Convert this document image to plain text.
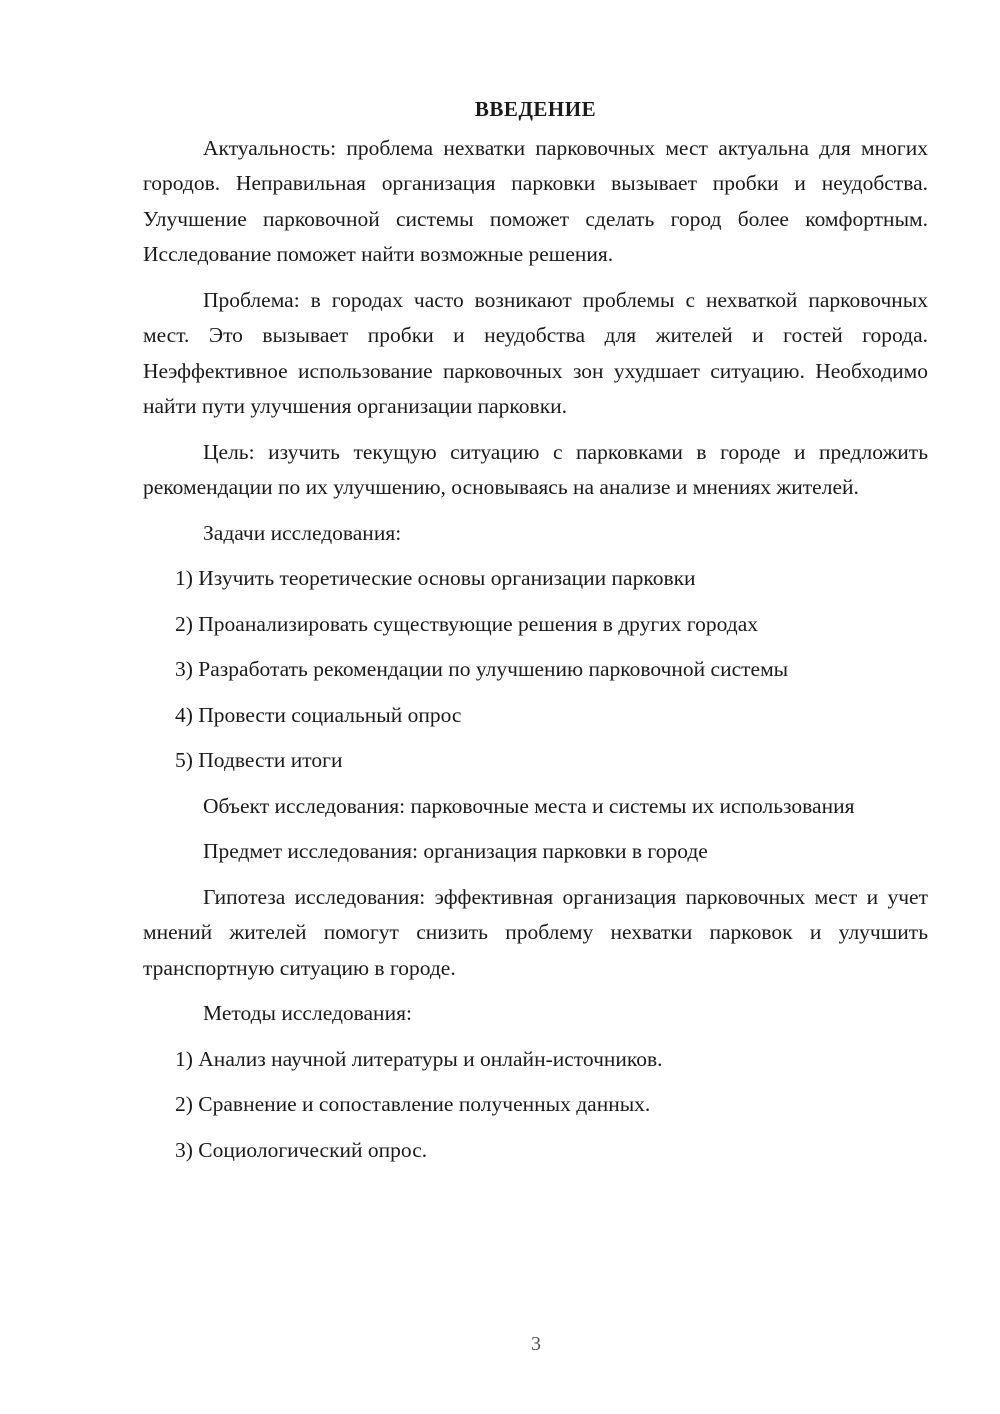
ВВЕДЕНИЕ

Актуальность: проблема нехватки парковочных мест актуальна для многих городов. Неправильная организация парковки вызывает пробки и неудобства. Улучшение парковочной системы поможет сделать город более комфортным. Исследование поможет найти возможные решения.

Проблема: в городах часто возникают проблемы с нехваткой парковочных мест. Это вызывает пробки и неудобства для жителей и гостей города. Неэффективное использование парковочных зон ухудшает ситуацию. Необходимо найти пути улучшения организации парковки.

Цель: изучить текущую ситуацию с парковками в городе и предложить рекомендации по их улучшению, основываясь на анализе и мнениях жителей.

Задачи исследования:

1) Изучить теоретические основы организации парковки
2) Проанализировать существующие решения в других городах
3) Разработать рекомендации по улучшению парковочной системы
4) Провести социальный опрос
5) Подвести итоги

Объект исследования: парковочные места и системы их использования

Предмет исследования: организация парковки в городе

Гипотеза исследования: эффективная организация парковочных мест и учет мнений жителей помогут снизить проблему нехватки парковок и улучшить транспортную ситуацию в городе.

Методы исследования:

1) Анализ научной литературы и онлайн-источников.
2) Сравнение и сопоставление полученных данных.
3) Социологический опрос.
3
